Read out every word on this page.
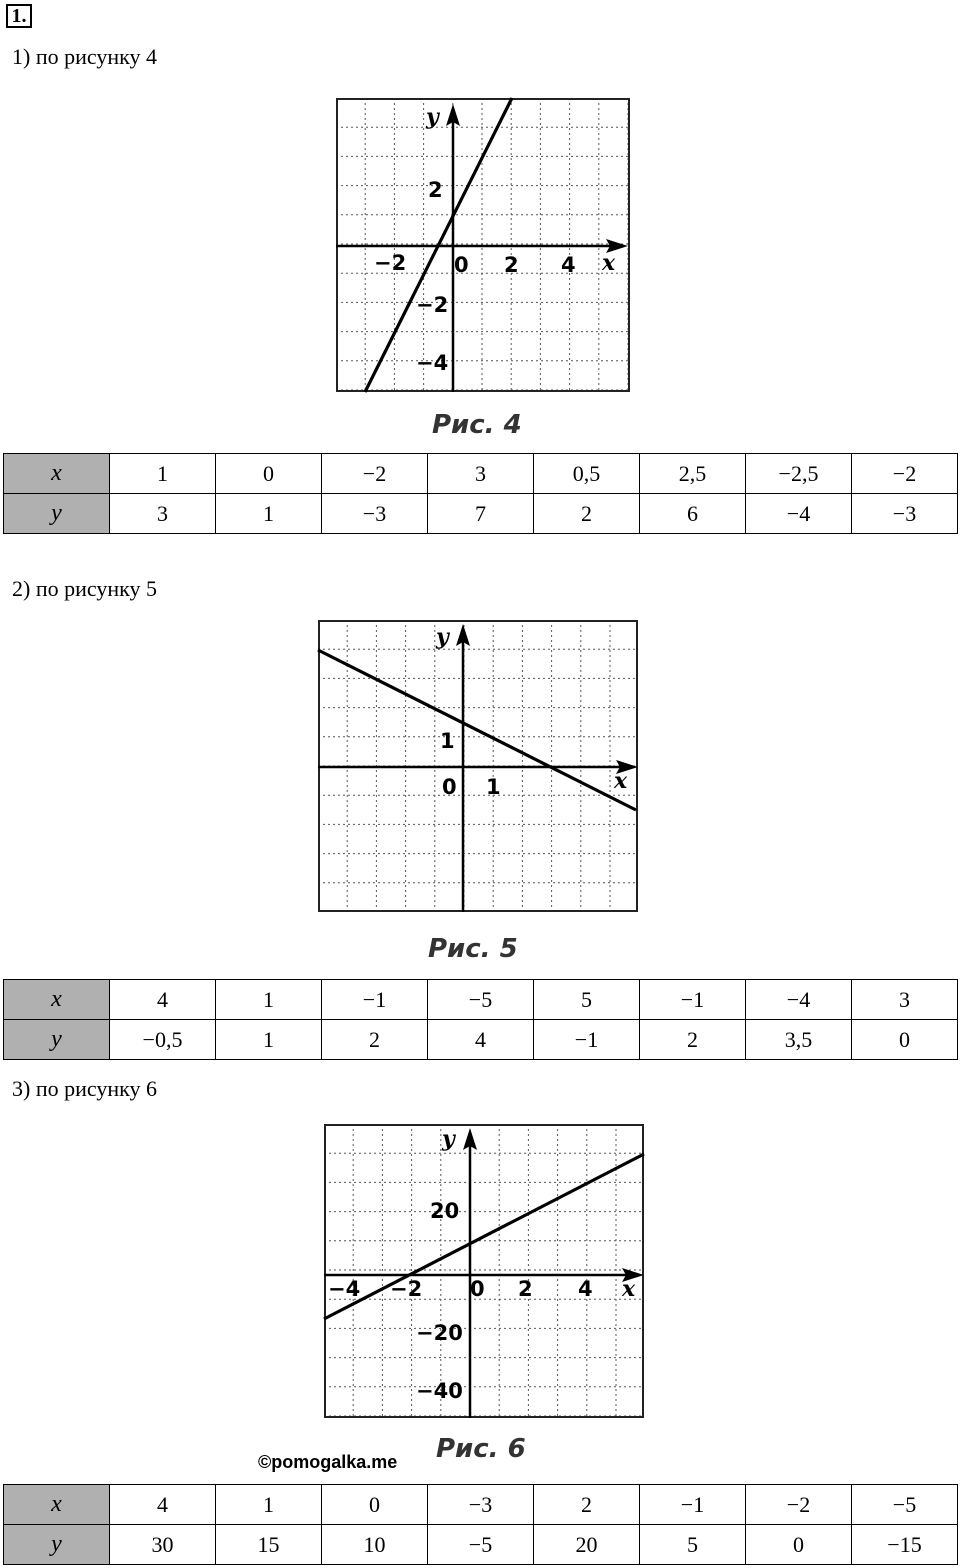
1.
1) по рисунку 4
y
x
−2 0 2 4
2
−2
−4
Рис. 4
x	1	0	−2	3	0,5	2,5	−2,5	−2
y	3	1	−3	7	2	6	−4	−3
2) по рисунку 5
y
x
0 1
1
Рис. 5
x	4	1	−1	−5	5	−1	−4	3
y	−0,5	1	2	4	−1	2	3,5	0
3) по рисунку 6
y
x
−4 −2 0 2 4
20
−20
−40
©pomogalka.me Рис. 6
x	4	1	0	−3	2	−1	−2	−5
y	30	15	10	−5	20	5	0	−15
